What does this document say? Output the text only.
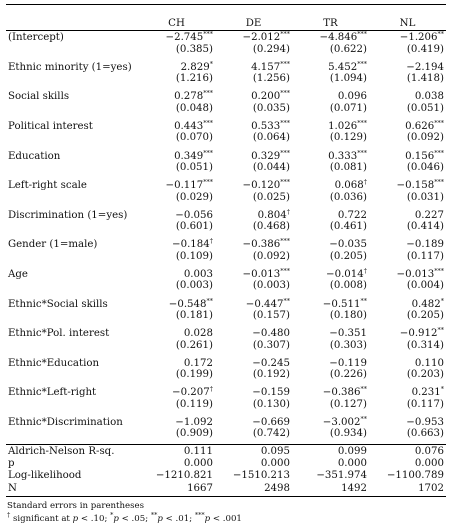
	CH	DE	TR	NL
(Intercept)	−2.745***	−2.012***	−4.846***	−1.206**
	(0.385)	(0.294)	(0.622)	(0.419)
Ethnic minority (1=yes)	2.829*	4.157***	5.452***	−2.194
	(1.216)	(1.256)	(1.094)	(1.418)
Social skills	0.278***	0.200***	0.096	0.038
	(0.048)	(0.035)	(0.071)	(0.051)
Political interest	0.443***	0.533***	1.026***	0.626***
	(0.070)	(0.064)	(0.129)	(0.092)
Education	0.349***	0.329***	0.333***	0.156***
	(0.051)	(0.044)	(0.081)	(0.046)
Left-right scale	−0.117***	−0.120***	0.068†	−0.158***
	(0.029)	(0.025)	(0.036)	(0.031)
Discrimination (1=yes)	−0.056	0.804†	0.722	0.227
	(0.601)	(0.468)	(0.461)	(0.414)
Gender (1=male)	−0.184†	−0.386***	−0.035	−0.189
	(0.109)	(0.092)	(0.205)	(0.117)
Age	0.003	−0.013***	−0.014†	−0.013***
	(0.003)	(0.003)	(0.008)	(0.004)
Ethnic*Social skills	−0.548**	−0.447**	−0.511**	0.482*
	(0.181)	(0.157)	(0.180)	(0.205)
Ethnic*Pol. interest	0.028	−0.480	−0.351	−0.912**
	(0.261)	(0.307)	(0.303)	(0.314)
Ethnic*Education	0.172	−0.245	−0.119	0.110
	(0.199)	(0.192)	(0.226)	(0.203)
Ethnic*Left-right	−0.207†	−0.159	−0.386**	0.231*
	(0.119)	(0.130)	(0.127)	(0.117)
Ethnic*Discrimination	−1.092	−0.669	−3.002**	−0.953
	(0.909)	(0.742)	(0.934)	(0.663)
Aldrich-Nelson R-sq.	0.111	0.095	0.099	0.076
p	0.000	0.000	0.000	0.000
Log-likelihood	−1210.821	−1510.213	−351.974	−1100.789
N	1667	2498	1492	1702
Standard errors in parentheses
† significant at p < .10; *p < .05; **p < .01; ***p < .001
